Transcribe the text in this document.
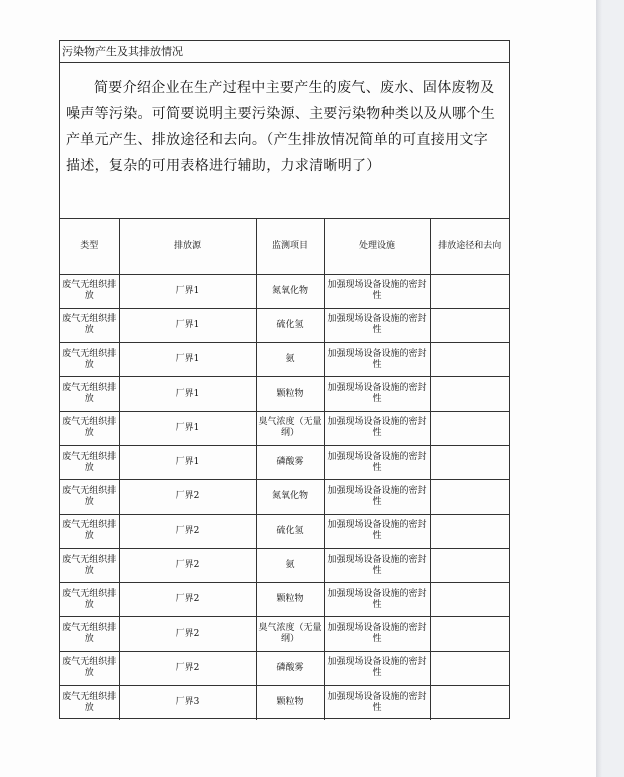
污染物产生及其排放情况
简要介绍企业在生产过程中主要产生的废气、废水、固体废物及噪声等污染。可简要说明主要污染源、主要污染物种类以及从哪个生产单元产生、排放途径和去向。（产生排放情况简单的可直接用文字描述，复杂的可用表格进行辅助，力求清晰明了）
类型	排放源	监测项目	处理设施	排放途径和去向
废气无组织排放	厂界1	氮氧化物	加强现场设备设施的密封性	
废气无组织排放	厂界1	硫化氢	加强现场设备设施的密封性	
废气无组织排放	厂界1	氨	加强现场设备设施的密封性	
废气无组织排放	厂界1	颗粒物	加强现场设备设施的密封性	
废气无组织排放	厂界1	臭气浓度（无量纲）	加强现场设备设施的密封性	
废气无组织排放	厂界1	磷酸雾	加强现场设备设施的密封性	
废气无组织排放	厂界2	氮氧化物	加强现场设备设施的密封性	
废气无组织排放	厂界2	硫化氢	加强现场设备设施的密封性	
废气无组织排放	厂界2	氨	加强现场设备设施的密封性	
废气无组织排放	厂界2	颗粒物	加强现场设备设施的密封性	
废气无组织排放	厂界2	臭气浓度（无量纲）	加强现场设备设施的密封性	
废气无组织排放	厂界2	磷酸雾	加强现场设备设施的密封性	
废气无组织排放	厂界3	颗粒物	加强现场设备设施的密封性	
